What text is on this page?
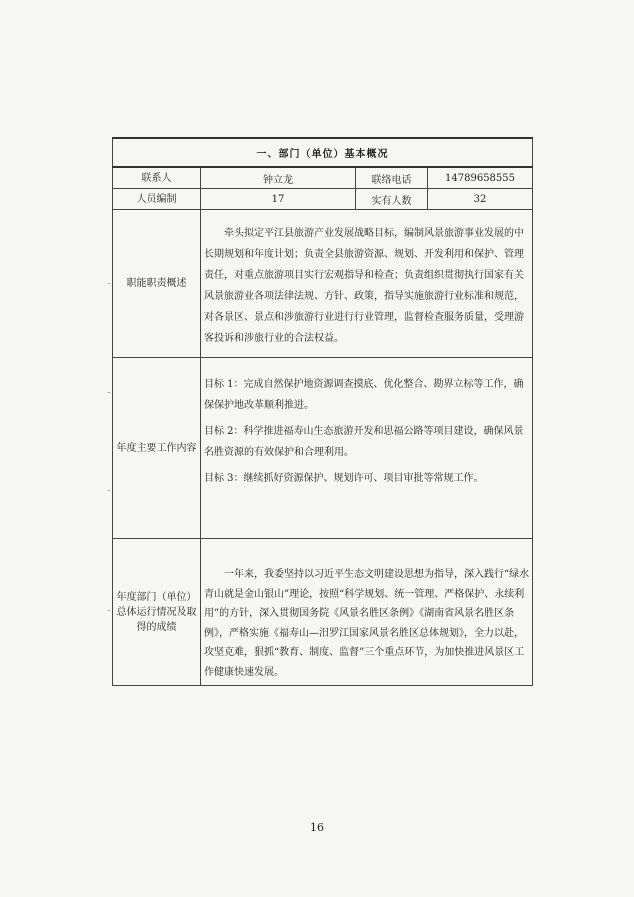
一、部门（单位）基本概况			
联系人	钟立龙	联络电话	14789658555
人员编制	17	实有人数	32
职能职责概述	牵头拟定平江县旅游产业发展战略目标，编制风景旅游事业发展的中长期规划和年度计划；负责全县旅游资源、规划、开发利用和保护、管理责任，对重点旅游项目实行宏观指导和检查；负责组织贯彻执行国家有关风景旅游业各项法律法规、方针、政策，指导实施旅游行业标准和规范，对各景区、景点和涉旅游行业进行行业管理，监督检查服务质量，受理游客投诉和涉旅行业的合法权益。		

年度主要工作内容	目标 1：完成自然保护地资源调查摸底、优化整合、勘界立标等工作，确保保护地改革顺利推进。

目标 2：科学推进福寿山生态旅游开发和思福公路等项目建设，确保风景名胜资源的有效保护和合理利用。

目标 3：继续抓好资源保护、规划许可、项目审批等常规工作。		

年度部门（单位）总体运行情况及取得的成绩	一年来，我委坚持以习近平生态文明建设思想为指导，深入践行“绿水青山就是金山银山”理论，按照“科学规划、统一管理、严格保护、永续利用”的方针，深入贯彻国务院《风景名胜区条例》《湖南省风景名胜区条例》，严格实施《福寿山—汨罗江国家风景名胜区总体规划》，全力以赴，攻坚克难，狠抓“教育、制度、监督”三个重点环节，为加快推进风景区工作健康快速发展。		

16
